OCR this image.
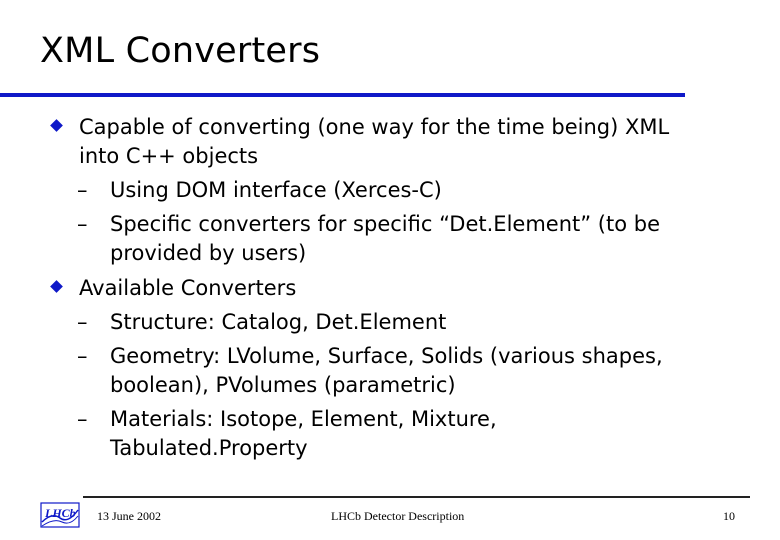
XML Converters
Capable of converting (one way for the time being) XML
into C++ objects
– Using DOM interface (Xerces-C)
– Specific converters for specific “Det.Element” (to be
provided by users)
Available Converters
– Structure: Catalog, Det.Element
– Geometry: LVolume, Surface, Solids (various shapes,
boolean), PVolumes (parametric)
– Materials: Isotope, Element, Mixture,
Tabulated.Property
LHCb 13 June 2002	LHCb Detector Description	10
